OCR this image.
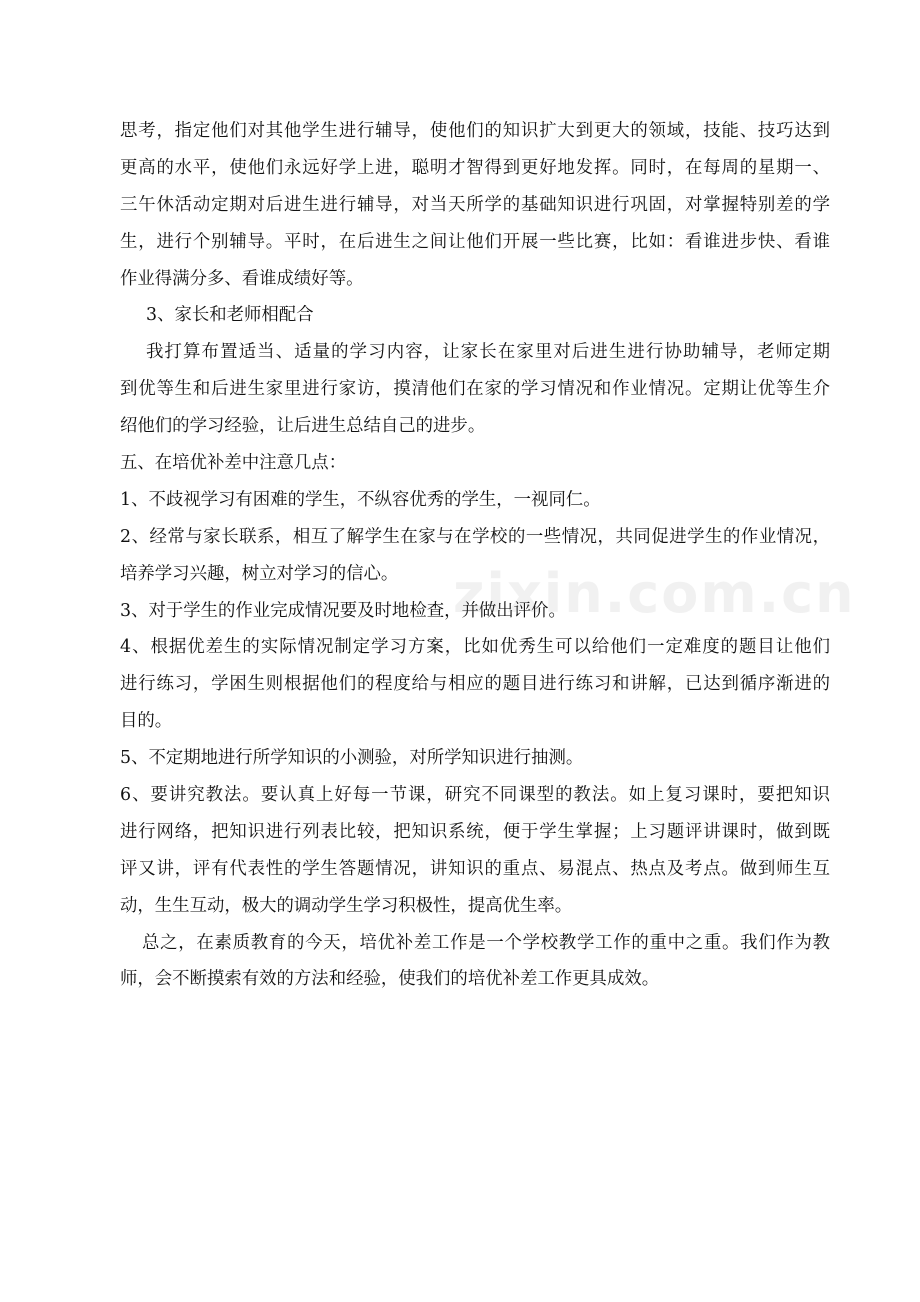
思考，指定他们对其他学生进行辅导，使他们的知识扩大到更大的领域，技能、技巧达到
更高的水平，使他们永远好学上进，聪明才智得到更好地发挥。同时，在每周的星期一、
三午休活动定期对后进生进行辅导，对当天所学的基础知识进行巩固，对掌握特别差的学
生，进行个别辅导。平时，在后进生之间让他们开展一些比赛，比如：看谁进步快、看谁
作业得满分多、看谁成绩好等。
3、家长和老师相配合
我打算布置适当、适量的学习内容，让家长在家里对后进生进行协助辅导，老师定期
到优等生和后进生家里进行家访，摸清他们在家的学习情况和作业情况。定期让优等生介
绍他们的学习经验，让后进生总结自己的进步。
五、在培优补差中注意几点：
1、不歧视学习有困难的学生，不纵容优秀的学生，一视同仁。
2、经常与家长联系，相互了解学生在家与在学校的一些情况，共同促进学生的作业情况，
培养学习兴趣，树立对学习的信心。
3、对于学生的作业完成情况要及时地检查，并做出评价。
4、根据优差生的实际情况制定学习方案，比如优秀生可以给他们一定难度的题目让他们
进行练习，学困生则根据他们的程度给与相应的题目进行练习和讲解，已达到循序渐进的
目的。
5、不定期地进行所学知识的小测验，对所学知识进行抽测。
6、要讲究教法。要认真上好每一节课，研究不同课型的教法。如上复习课时，要把知识
进行网络，把知识进行列表比较，把知识系统，便于学生掌握；上习题评讲课时，做到既
评又讲，评有代表性的学生答题情况，讲知识的重点、易混点、热点及考点。做到师生互
动，生生互动，极大的调动学生学习积极性，提高优生率。
总之，在素质教育的今天，培优补差工作是一个学校教学工作的重中之重。我们作为教
师，会不断摸索有效的方法和经验，使我们的培优补差工作更具成效。
zixin.com.cn
